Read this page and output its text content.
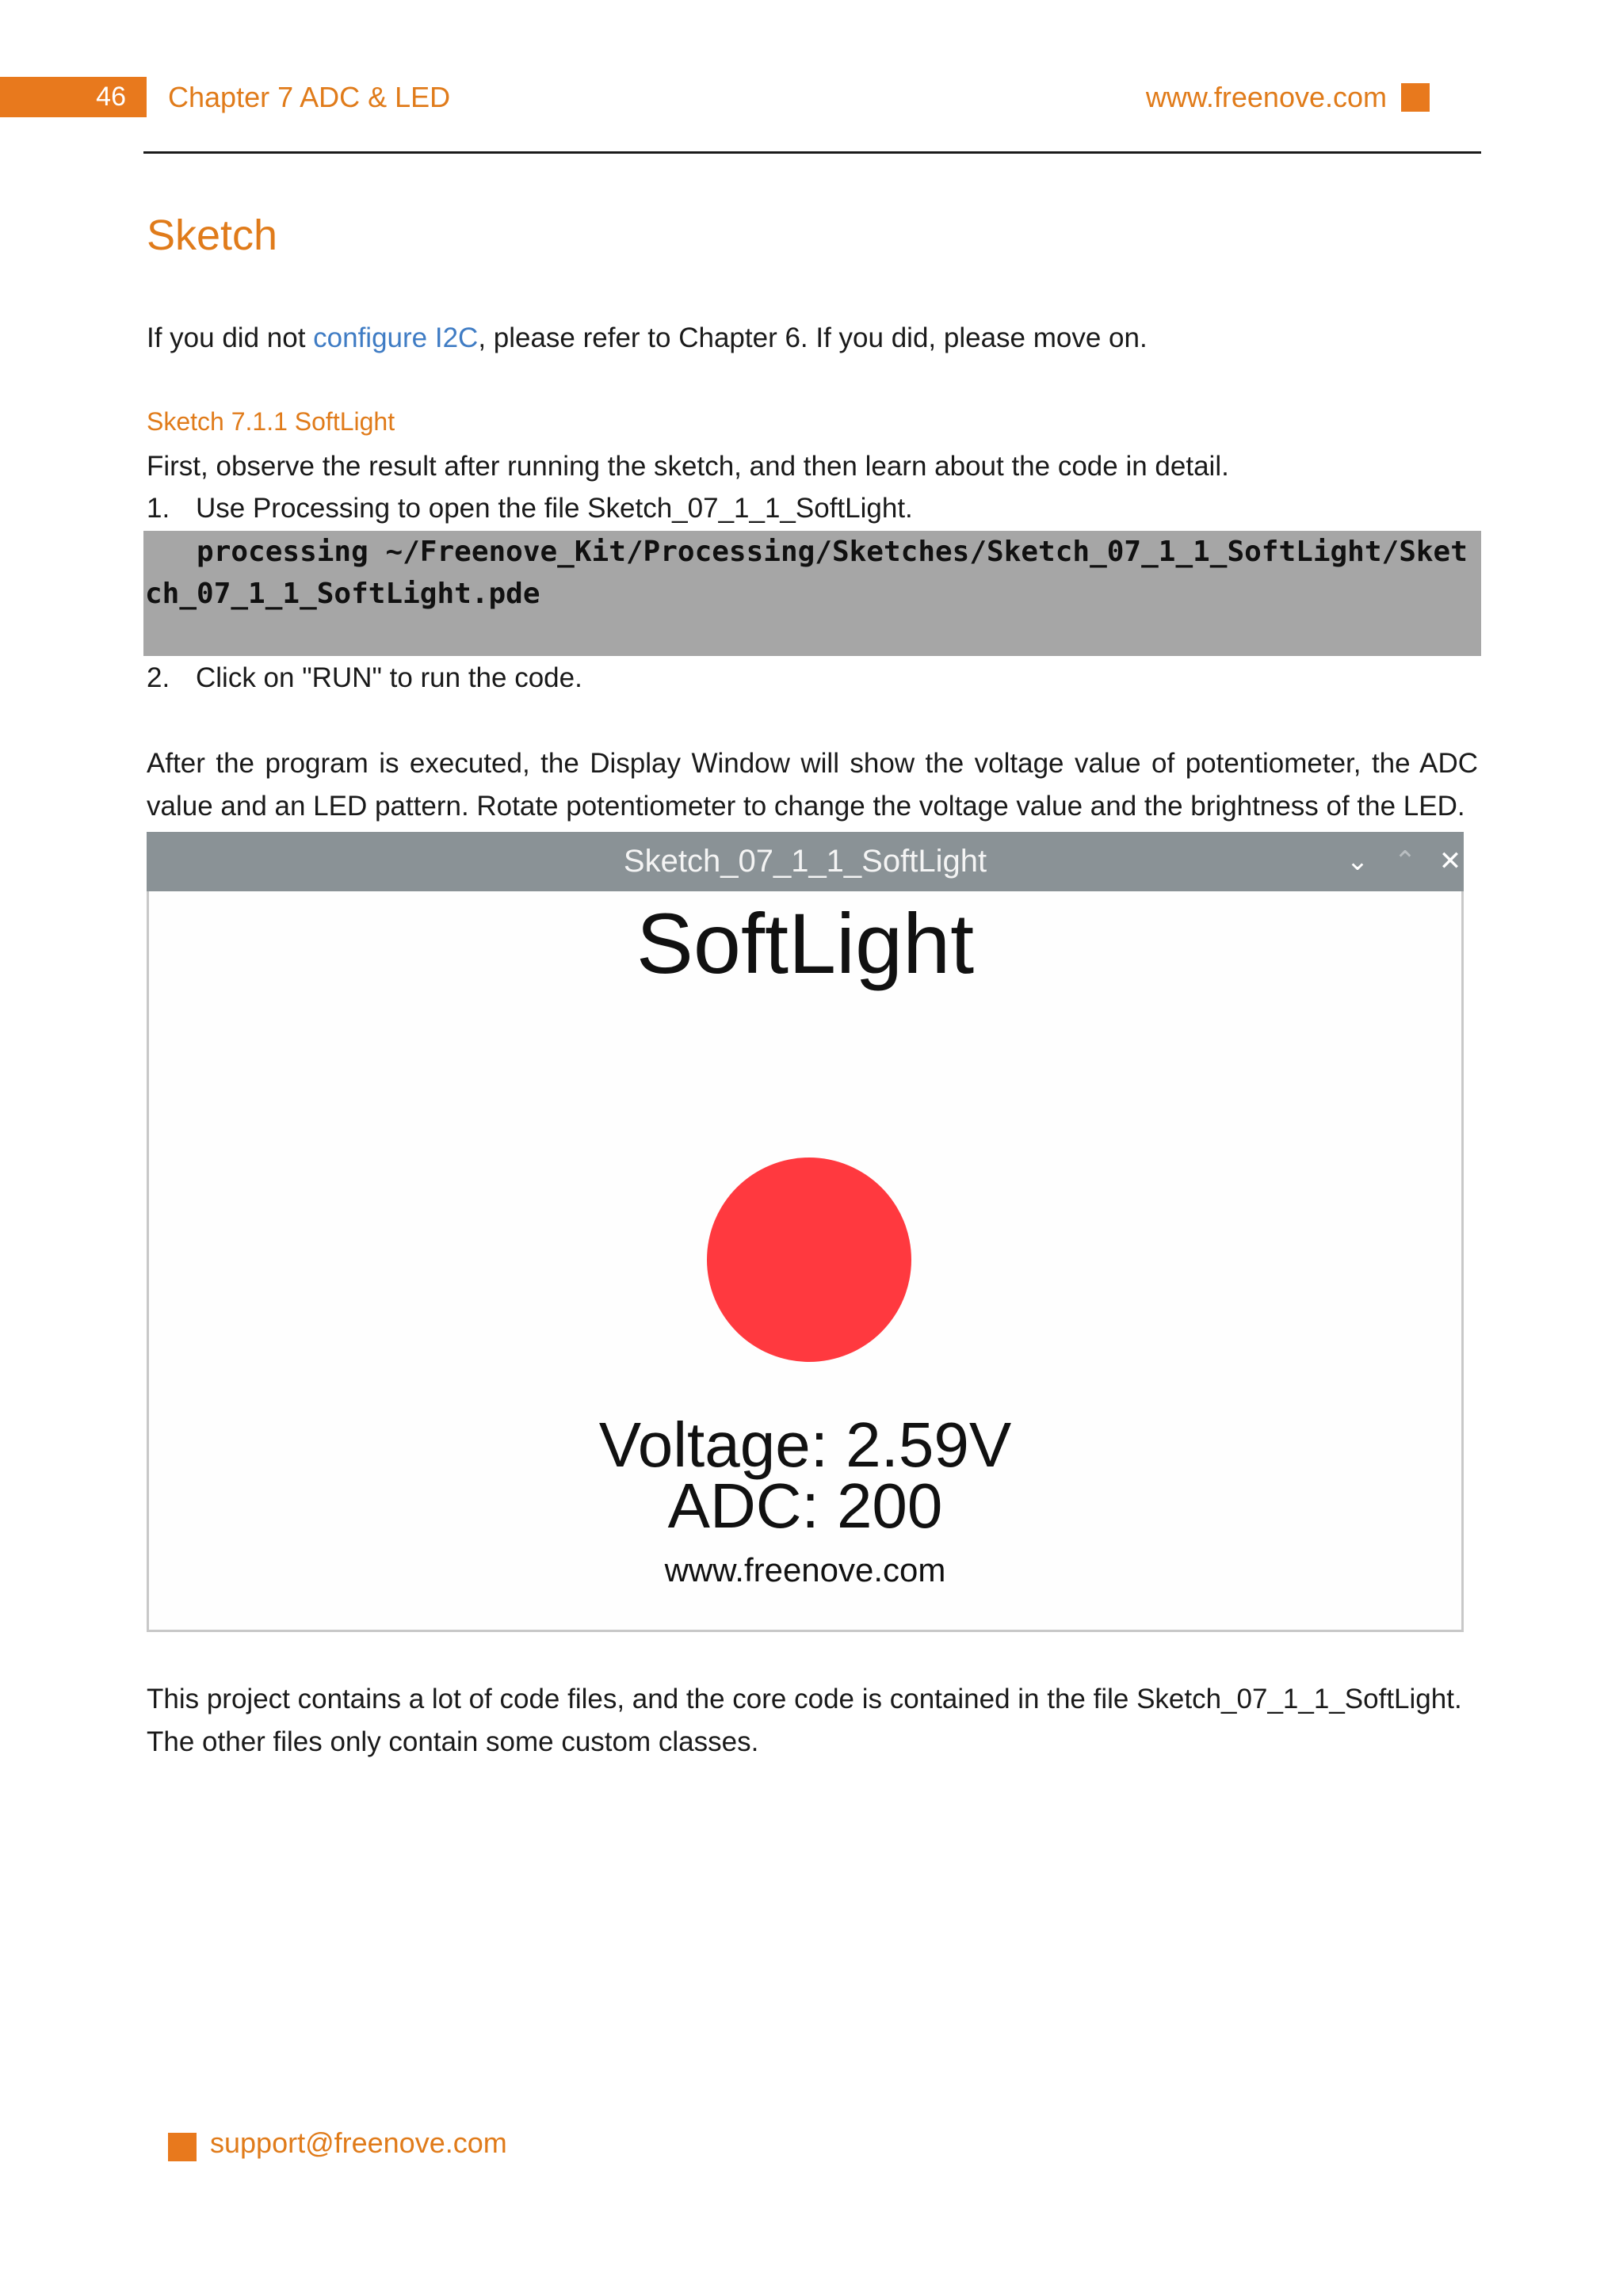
46	Chapter 7 ADC & LED	www.freenove.com
Sketch
If you did not configure I2C, please refer to Chapter 6. If you did, please move on.
Sketch 7.1.1 SoftLight
First, observe the result after running the sketch, and then learn about the code in detail.
1. Use Processing to open the file Sketch_07_1_1_SoftLight.
processing ~/Freenove_Kit/Processing/Sketches/Sketch_07_1_1_SoftLight/Sketch_07_1_1_SoftLight.pde
2. Click on "RUN" to run the code.
After the program is executed, the Display Window will show the voltage value of potentiometer, the ADC value and an LED pattern. Rotate potentiometer to change the voltage value and the brightness of the LED.
Sketch_07_1_1_SoftLight	⌄ ⌃ ✕
SoftLight
Voltage: 2.59V
ADC: 200
www.freenove.com
This project contains a lot of code files, and the core code is contained in the file Sketch_07_1_1_SoftLight. The other files only contain some custom classes.
support@freenove.com
